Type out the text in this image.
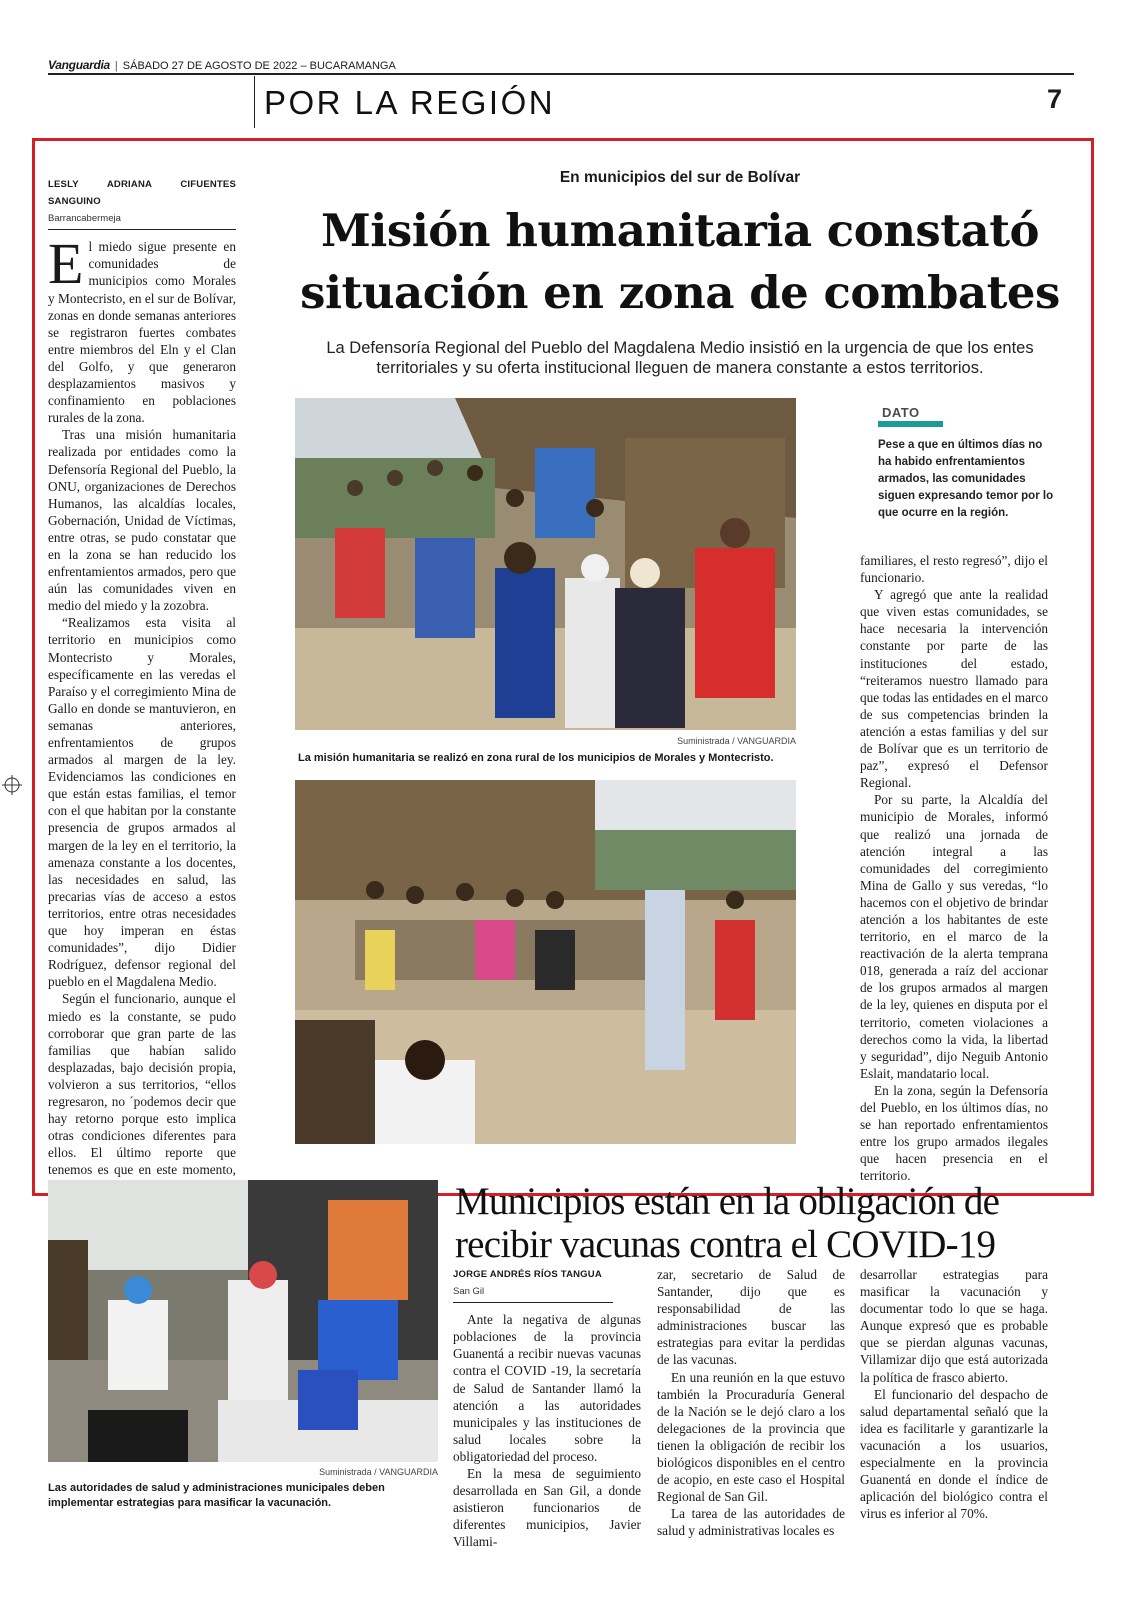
Vanguardia | SÁBADO 27 DE AGOSTO DE 2022 – BUCARAMANGA
POR LA REGIÓN	7
LESLY ADRIANA CIFUENTES SANGUINO
Barrancabermeja

El miedo sigue presente en comunidades de municipios como Morales y Montecristo, en el sur de Bolívar, zonas en donde semanas anteriores se registraron fuertes combates entre miembros del Eln y el Clan del Golfo, y que generaron desplazamientos masivos y confinamiento en poblaciones rurales de la zona.

Tras una misión humanitaria realizada por entidades como la Defensoría Regional del Pueblo, la ONU, organizaciones de Derechos Humanos, las alcaldías locales, Gobernación, Unidad de Víctimas, entre otras, se pudo constatar que en la zona se han reducido los enfrentamientos armados, pero que aún las comunidades viven en medio del miedo y la zozobra.

“Realizamos esta visita al territorio en municipios como Montecristo y Morales, específicamente en las veredas el Paraíso y el corregimiento Mina de Gallo en donde se mantuvieron, en semanas anteriores, enfrentamientos de grupos armados al margen de la ley. Evidenciamos las condiciones en que están estas familias, el temor con el que habitan por la constante presencia de grupos armados al margen de la ley en el territorio, la amenaza constante a los docentes, las necesidades en salud, las precarias vías de acceso a estos territorios, entre otras necesidades que hoy imperan en éstas comunidades”, dijo Didier Rodríguez, defensor regional del pueblo en el Magdalena Medio.

Según el funcionario, aunque el miedo es la constante, se pudo corroborar que gran parte de las familias que habían salido desplazadas, bajo decisión propia, volvieron a sus territorios, “ellos regresaron, no ´podemos decir que hay retorno porque esto implica otras condiciones diferentes para ellos. El último reporte que tenemos es que en este momento,

En municipios del sur de Bolívar
Misión humanitaria constató situación en zona de combates
La Defensoría Regional del Pueblo del Magdalena Medio insistió en la urgencia de que los entes territoriales y su oferta institucional lleguen de manera constante a estos territorios.
Suministrada / VANGUARDIA
La misión humanitaria se realizó en zona rural de los municipios de Morales y Montecristo.
DATO
Pese a que en últimos días no ha habido enfrentamientos armados, las comunidades siguen expresando temor por lo que ocurre en la región.

familiares, el resto regresó”, dijo el funcionario.

Y agregó que ante la realidad que viven estas comunidades, se hace necesaria la intervención constante por parte de las instituciones del estado, “reiteramos nuestro llamado para que todas las entidades en el marco de sus competencias brinden la atención a estas familias y del sur de Bolívar que es un territorio de paz”, expresó el Defensor Regional.

Por su parte, la Alcaldía del municipio de Morales, informó que realizó una jornada de atención integral a las comunidades del corregimiento Mina de Gallo y sus veredas, “lo hacemos con el objetivo de brindar atención a los habitantes de este territorio, en el marco de la reactivación de la alerta temprana 018, generada a raíz del accionar de los grupos armados al margen de la ley, quienes en disputa por el territorio, cometen violaciones a derechos como la vida, la libertad y seguridad”, dijo Neguib Antonio Eslait, mandatario local.

En la zona, según la Defensoría del Pueblo, en los últimos días, no se han reportado enfrentamientos entre los grupo armados ilegales que hacen presencia en el territorio.

Suministrada / VANGUARDIA
Las autoridades de salud y administraciones municipales deben implementar estrategias para masificar la vacunación.
Municipios están en la obligación de recibir vacunas contra el COVID-19
JORGE ANDRÉS RÍOS TANGUA
San Gil

Ante la negativa de algunas poblaciones de la provincia Guanentá a recibir nuevas vacunas contra el COVID -19, la secretaría de Salud de Santander llamó la atención a las autoridades municipales y las instituciones de salud locales sobre la obligatoriedad del proceso.

En la mesa de seguimiento desarrollada en San Gil, a donde asistieron funcionarios de diferentes municipios, Javier Villami-

zar, secretario de Salud de Santander, dijo que es responsabilidad de las administraciones buscar las estrategias para evitar la perdidas de las vacunas.

En una reunión en la que estuvo también la Procuraduría General de la Nación se le dejó claro a los delegaciones de la provincia que tienen la obligación de recibir los biológicos disponibles en el centro de acopio, en este caso el Hospital Regional de San Gil.

La tarea de las autoridades de salud y administrativas locales es

desarrollar estrategias para masificar la vacunación y documentar todo lo que se haga. Aunque expresó que es probable que se pierdan algunas vacunas, Villamizar dijo que está autorizada la política de frasco abierto.

El funcionario del despacho de salud departamental señaló que la idea es facilitarle y garantizarle la vacunación a los usuarios, especialmente en la provincia Guanentá en donde el índice de aplicación del biológico contra el virus es inferior al 70%.
